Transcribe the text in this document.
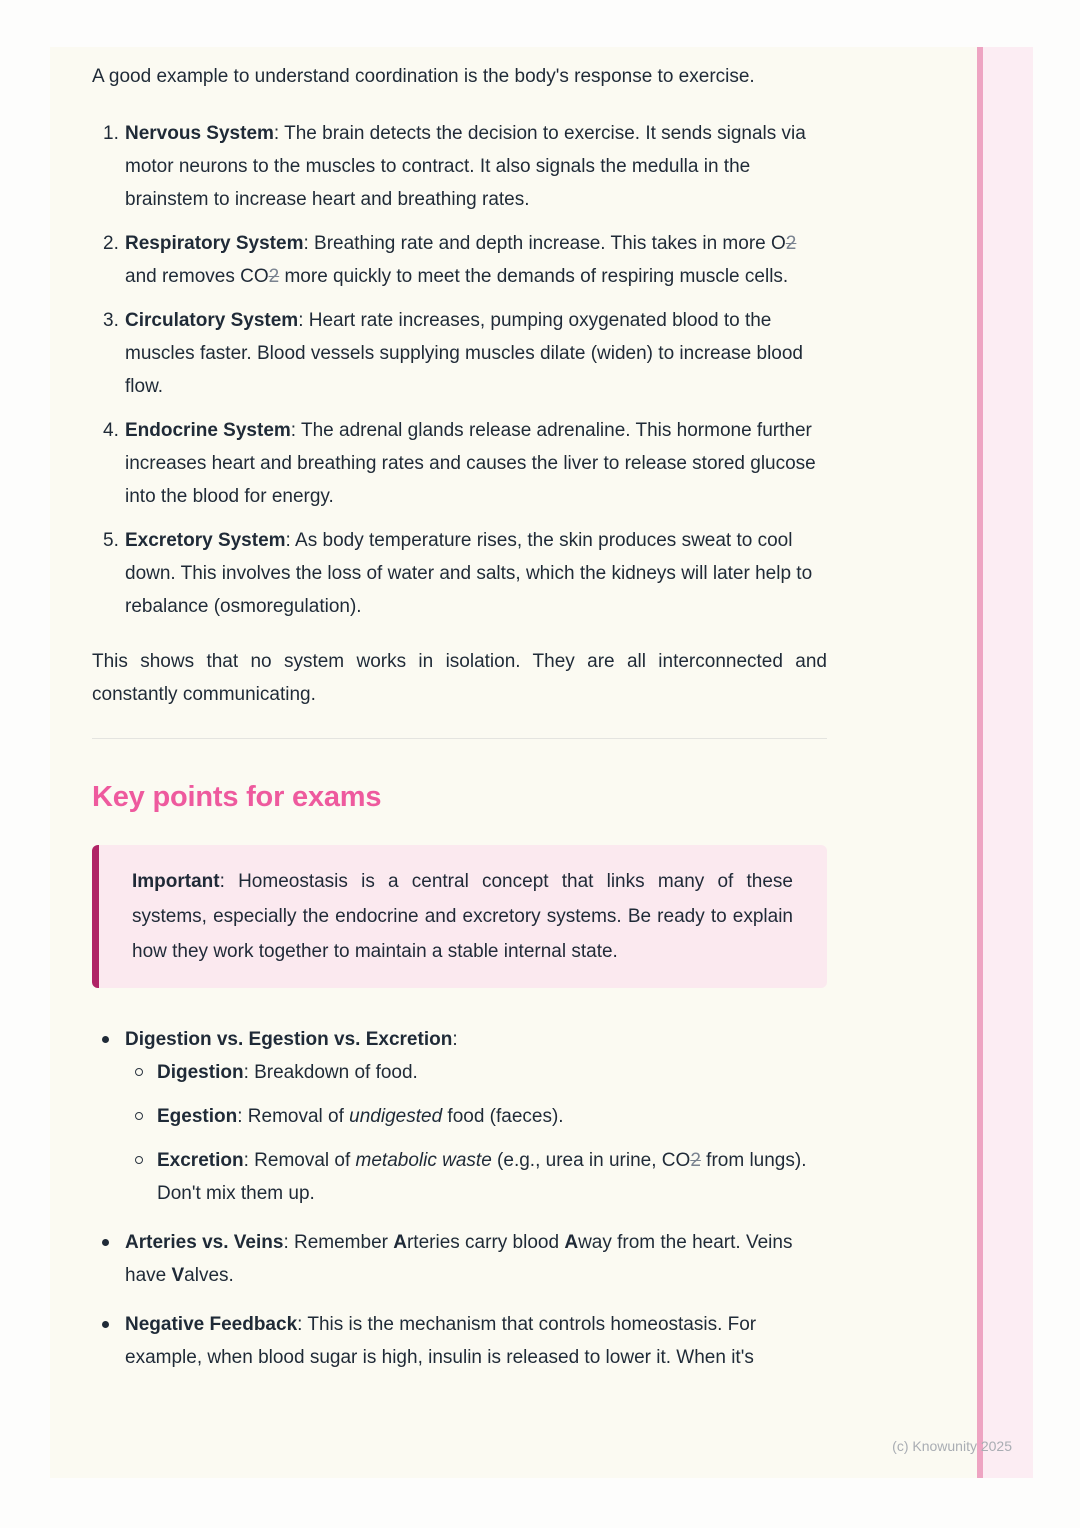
A good example to understand coordination is the body's response to exercise.

1. Nervous System: The brain detects the decision to exercise. It sends signals via motor neurons to the muscles to contract. It also signals the medulla in the brainstem to increase heart and breathing rates.
2. Respiratory System: Breathing rate and depth increase. This takes in more O2 and removes CO2 more quickly to meet the demands of respiring muscle cells.
3. Circulatory System: Heart rate increases, pumping oxygenated blood to the muscles faster. Blood vessels supplying muscles dilate (widen) to increase blood flow.
4. Endocrine System: The adrenal glands release adrenaline. This hormone further increases heart and breathing rates and causes the liver to release stored glucose into the blood for energy.
5. Excretory System: As body temperature rises, the skin produces sweat to cool down. This involves the loss of water and salts, which the kidneys will later help to rebalance (osmoregulation).

This shows that no system works in isolation. They are all interconnected and constantly communicating.

Key points for exams

Important: Homeostasis is a central concept that links many of these systems, especially the endocrine and excretory systems. Be ready to explain how they work together to maintain a stable internal state.

Digestion vs. Egestion vs. Excretion:
Digestion: Breakdown of food.
Egestion: Removal of undigested food (faeces).
Excretion: Removal of metabolic waste (e.g., urea in urine, CO2 from lungs). Don't mix them up.
Arteries vs. Veins: Remember Arteries carry blood Away from the heart. Veins have Valves.
Negative Feedback: This is the mechanism that controls homeostasis. For example, when blood sugar is high, insulin is released to lower it. When it's
(c) Knowunity 2025
